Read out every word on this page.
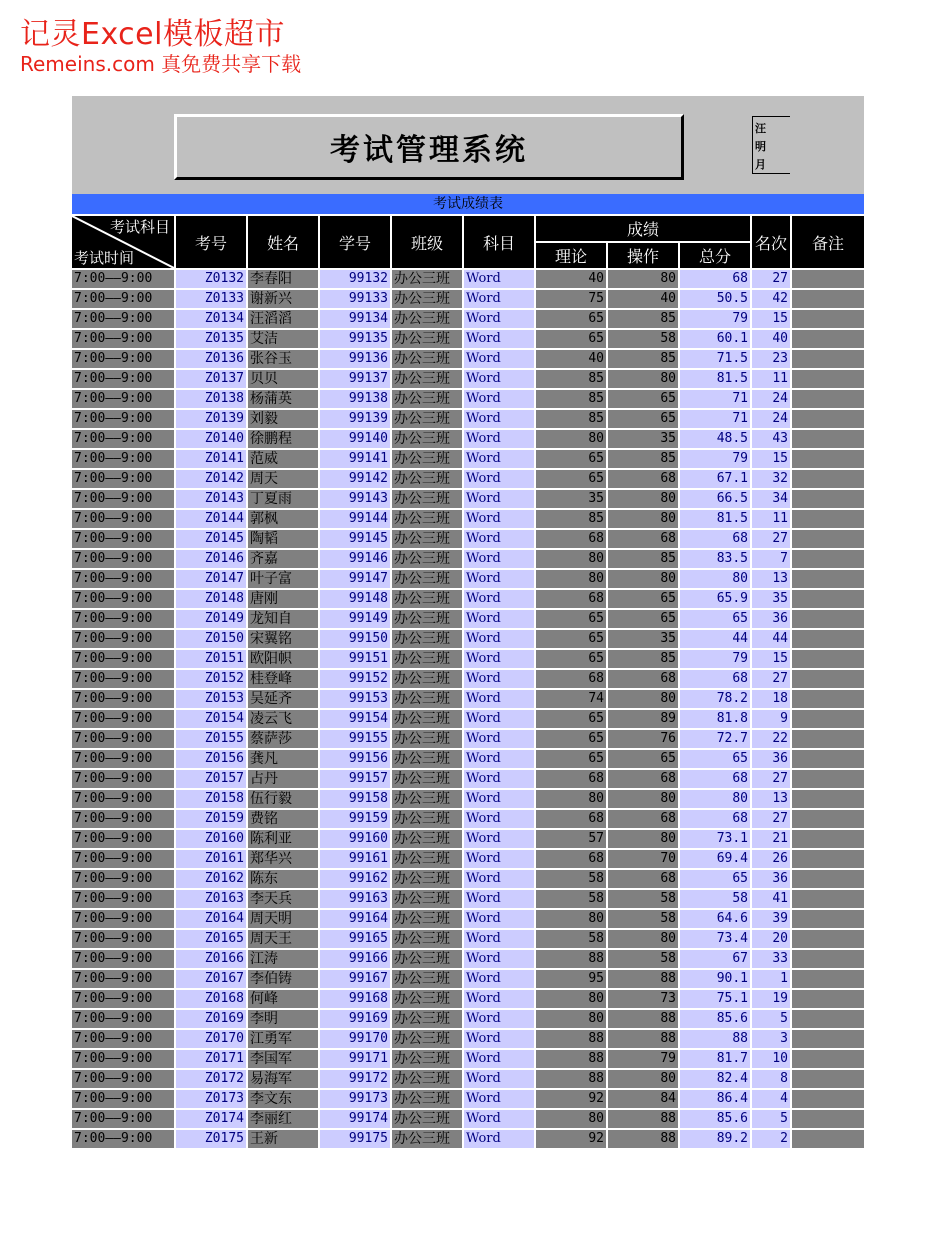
记灵Excel模板超市
Remeins.com 真免费共享下载
考试管理系统
汪
明
月
考试成绩表
考试科目
考试时间
考号	姓名	学号	班级	科目
成绩
理论	操作	总分
名次	备注
7:00——9:00	Z0132 李春阳	99132 办公三班	Word	40	80	68	27
7:00——9:00	Z0133 谢新兴	99133 办公三班	Word	75	40	50.5	42
7:00——9:00	Z0134 汪滔滔	99134 办公三班	Word	65	85	79	15
7:00——9:00	Z0135 艾洁	99135 办公三班	Word	65	58	60.1	40
7:00——9:00	Z0136 张谷玉	99136 办公三班	Word	40	85	71.5	23
7:00——9:00	Z0137 贝贝	99137 办公三班	Word	85	80	81.5	11
7:00——9:00	Z0138 杨蒲英	99138 办公三班	Word	85	65	71	24
7:00——9:00	Z0139 刘毅	99139 办公三班	Word	85	65	71	24
7:00——9:00	Z0140 徐鹏程	99140 办公三班	Word	80	35	48.5	43
7:00——9:00	Z0141 范威	99141 办公三班	Word	65	85	79	15
7:00——9:00	Z0142 周天	99142 办公三班	Word	65	68	67.1	32
7:00——9:00	Z0143 丁夏雨	99143 办公三班	Word	35	80	66.5	34
7:00——9:00	Z0144 郭枫	99144 办公三班	Word	85	80	81.5	11
7:00——9:00	Z0145 陶韬	99145 办公三班	Word	68	68	68	27
7:00——9:00	Z0146 齐嘉	99146 办公三班	Word	80	85	83.5	7
7:00——9:00	Z0147 叶子富	99147 办公三班	Word	80	80	80	13
7:00——9:00	Z0148 唐刚	99148 办公三班	Word	68	65	65.9	35
7:00——9:00	Z0149 龙知自	99149 办公三班	Word	65	65	65	36
7:00——9:00	Z0150 宋翼铭	99150 办公三班	Word	65	35	44	44
7:00——9:00	Z0151 欧阳帜	99151 办公三班	Word	65	85	79	15
7:00——9:00	Z0152 桂登峰	99152 办公三班	Word	68	68	68	27
7:00——9:00	Z0153 吴延齐	99153 办公三班	Word	74	80	78.2	18
7:00——9:00	Z0154 凌云飞	99154 办公三班	Word	65	89	81.8	9
7:00——9:00	Z0155 蔡萨莎	99155 办公三班	Word	65	76	72.7	22
7:00——9:00	Z0156 龚凡	99156 办公三班	Word	65	65	65	36
7:00——9:00	Z0157 占丹	99157 办公三班	Word	68	68	68	27
7:00——9:00	Z0158 伍行毅	99158 办公三班	Word	80	80	80	13
7:00——9:00	Z0159 费铭	99159 办公三班	Word	68	68	68	27
7:00——9:00	Z0160 陈利亚	99160 办公三班	Word	57	80	73.1	21
7:00——9:00	Z0161 郑华兴	99161 办公三班	Word	68	70	69.4	26
7:00——9:00	Z0162 陈东	99162 办公三班	Word	58	68	65	36
7:00——9:00	Z0163 李天兵	99163 办公三班	Word	58	58	58	41
7:00——9:00	Z0164 周天明	99164 办公三班	Word	80	58	64.6	39
7:00——9:00	Z0165 周天王	99165 办公三班	Word	58	80	73.4	20
7:00——9:00	Z0166 江涛	99166 办公三班	Word	88	58	67	33
7:00——9:00	Z0167 李伯铸	99167 办公三班	Word	95	88	90.1	1
7:00——9:00	Z0168 何峰	99168 办公三班	Word	80	73	75.1	19
7:00——9:00	Z0169 李明	99169 办公三班	Word	80	88	85.6	5
7:00——9:00	Z0170 江勇军	99170 办公三班	Word	88	88	88	3
7:00——9:00	Z0171 李国军	99171 办公三班	Word	88	79	81.7	10
7:00——9:00	Z0172 易海军	99172 办公三班	Word	88	80	82.4	8
7:00——9:00	Z0173 李文东	99173 办公三班	Word	92	84	86.4	4
7:00——9:00	Z0174 李丽红	99174 办公三班	Word	80	88	85.6	5
7:00——9:00	Z0175 王新	99175 办公三班	Word	92	88	89.2	2
